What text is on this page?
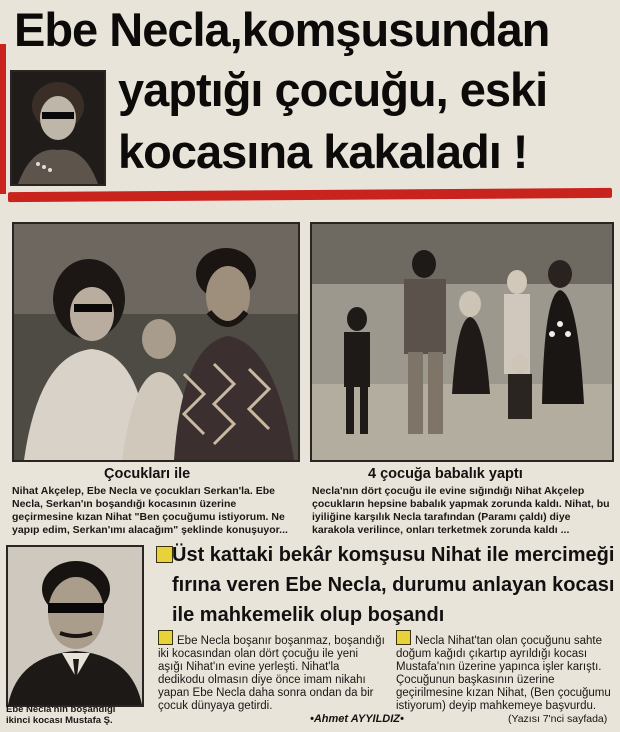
Ebe Necla,komşusundan
yaptığı çocuğu, eski
kocasına kakaladı !
Çocukları ile	4 çocuğa babalık yaptı

Nihat Akçelep, Ebe Necla ve çocukları Serkan'la. Ebe Necla, Serkan'ın boşandığı kocasının üzerine geçirmesine kızan Nihat "Ben çocuğumu istiyorum. Ne yapıp edim, Serkan'ımı alacağım" şeklinde konuşuyor...

Necla'nın dört çocuğu ile evine sığındığı Nihat Akçelep çocukların hepsine babalık yapmak zorunda kaldı. Nihat, bu iyiliğine karşılık Necla tarafından (Paramı çaldı) diye karakola verilince, onları terketmek zorunda kaldı ...

Ebe Necla'nın boşandığı ikinci kocası Mustafa Ş.

Üst kattaki bekâr komşusu Nihat ile mercimeği fırına veren Ebe Necla, durumu anlayan kocası ile mahkemelik olup boşandı

Ebe Necla boşanır boşanmaz, boşandığı iki kocasından olan dört çocuğu ile yeni aşığı Nihat'ın evine yerleşti. Nihat'la dedikodu olmasın diye önce imam nikahı yapan Ebe Necla daha sonra ondan da bir çocuk dünyaya getirdi.

Necla Nihat'tan olan çocuğunu sahte doğum kağıdı çıkartıp ayrıldığı kocası Mustafa'nın üzerine yapınca işler karıştı. Çocuğunun başkasının üzerine geçirilmesine kızan Nihat, (Ben çocuğumu istiyorum) deyip mahkemeye başvurdu.

•Ahmet AYYILDIZ•	(Yazısı 7'nci sayfada)
